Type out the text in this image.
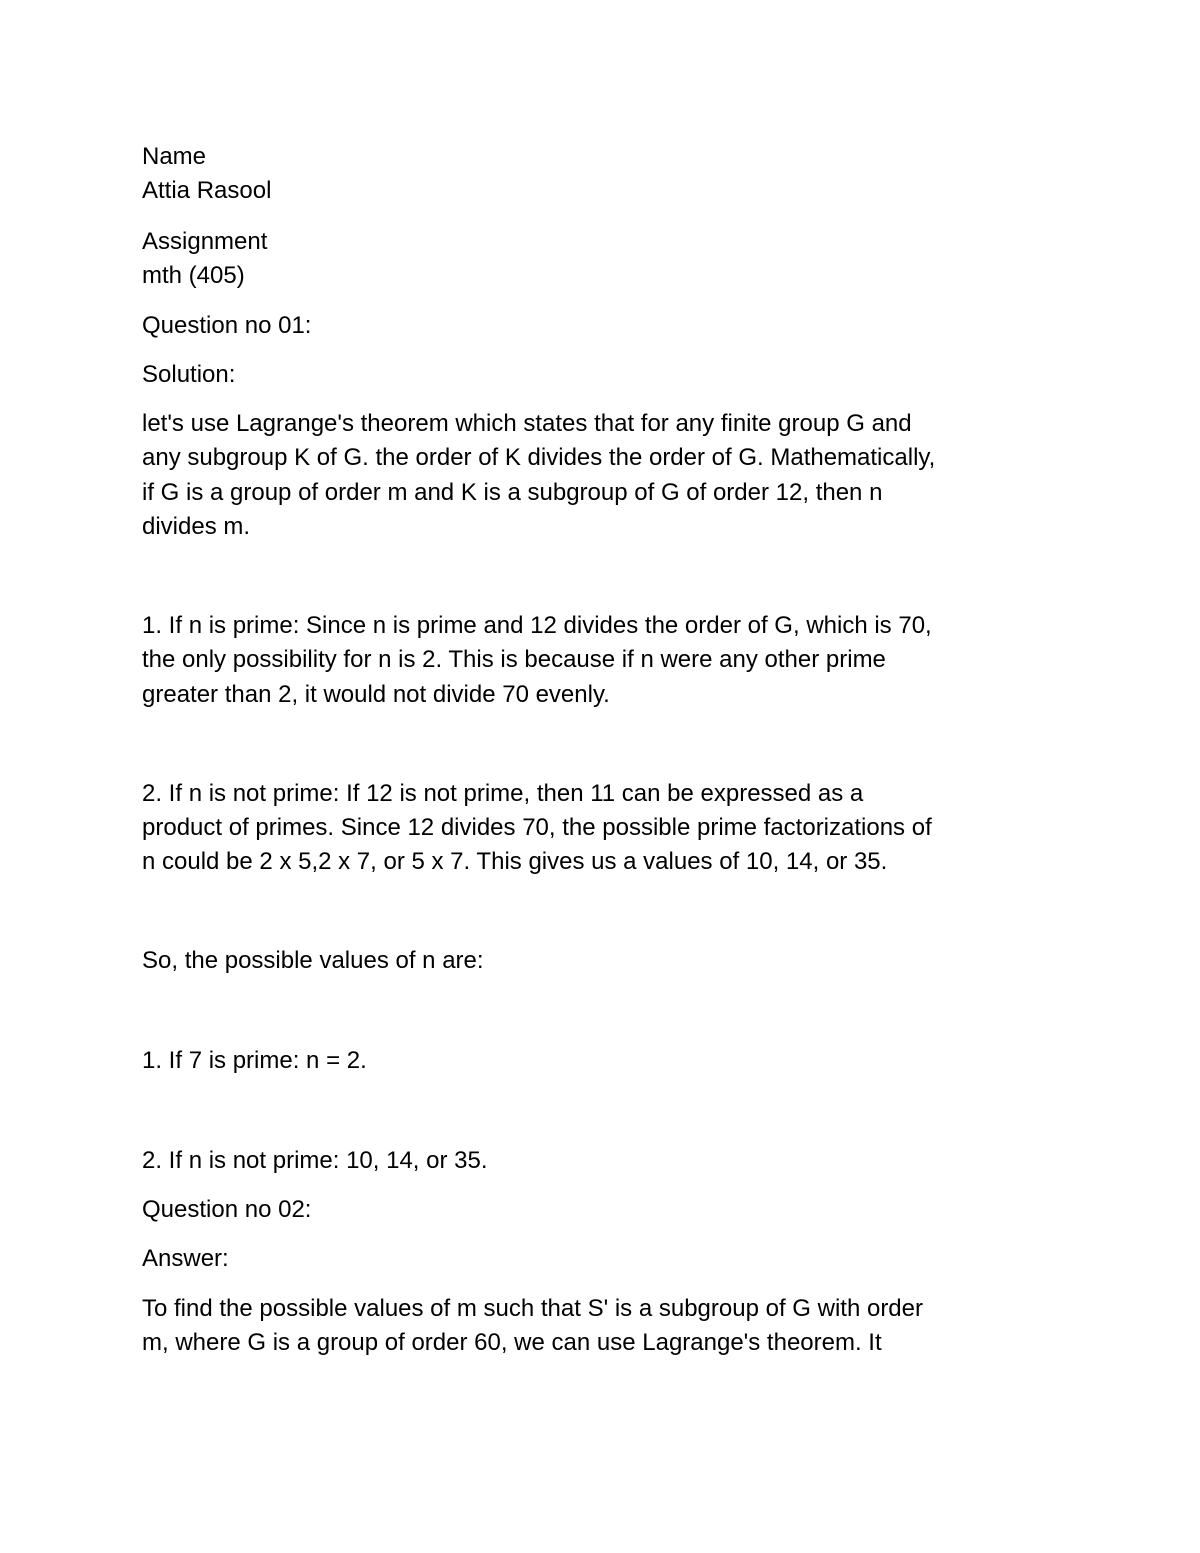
Name

Attia Rasool

Assignment

mth (405)

Question no 01:

Solution:

let's use Lagrange's theorem which states that for any finite group G and

any subgroup K of G. the order of K divides the order of G. Mathematically,

if G is a group of order m and K is a subgroup of G of order 12, then n

divides m.

1. If n is prime: Since n is prime and 12 divides the order of G, which is 70,

the only possibility for n is 2. This is because if n were any other prime

greater than 2, it would not divide 70 evenly.

2. If n is not prime: If 12 is not prime, then 11 can be expressed as a

product of primes. Since 12 divides 70, the possible prime factorizations of

n could be 2 x 5,2 x 7, or 5 x 7. This gives us a values of 10, 14, or 35.

So, the possible values of n are:

1. If 7 is prime: n = 2.

2. If n is not prime: 10, 14, or 35.

Question no 02:

Answer:

To find the possible values of m such that S' is a subgroup of G with order

m, where G is a group of order 60, we can use Lagrange's theorem. It
